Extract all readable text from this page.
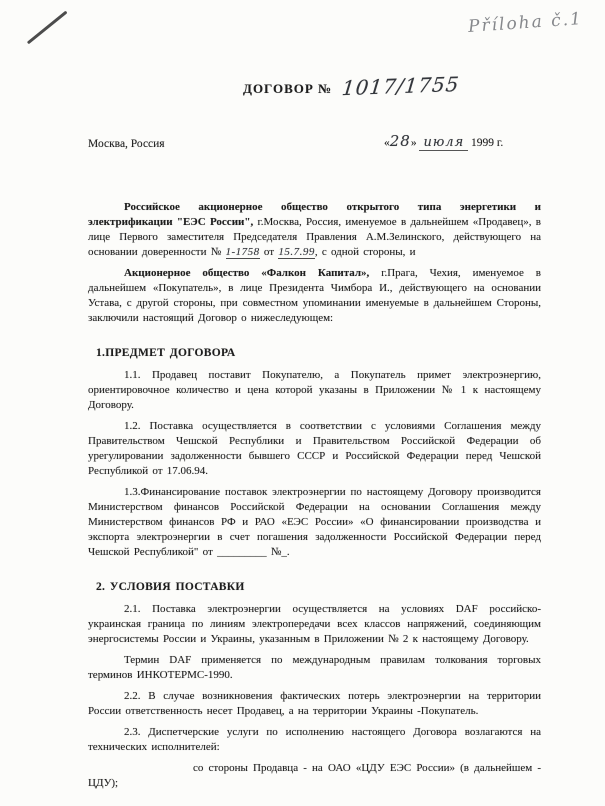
Příloha č.1
ДОГОВОР № 1017/1755
Москва, Россия	«28» июля 1999 г.

Российское акционерное общество открытого типа энергетики и электрификации "ЕЭС России", г.Москва, Россия, именуемое в дальнейшем «Продавец», в лице Первого заместителя Председателя Правления А.М.Зелинского, действующего на основании доверенности № 1-1758 от 15.7.99, с одной стороны, и

Акционерное общество «Фалкон Капитал», г.Прага, Чехия, именуемое в дальнейшем «Покупатель», в лице Президента Чимбора И., действующего на основании Устава, с другой стороны, при совместном упоминании именуемые в дальнейшем Стороны, заключили настоящий Договор о нижеследующем:

1.ПРЕДМЕТ ДОГОВОРА

1.1. Продавец поставит Покупателю, а Покупатель примет электроэнергию, ориентировочное количество и цена которой указаны в Приложении № 1 к настоящему Договору.

1.2. Поставка осуществляется в соответствии с условиями Соглашения между Правительством Чешской Республики и Правительством Российской Федерации об урегулировании задолженности бывшего СССР и Российской Федерации перед Чешской Республикой от 17.06.94.

1.3.Финансирование поставок электроэнергии по настоящему Договору производится Министерством финансов Российской Федерации на основании Соглашения между Министерством финансов РФ и РАО «ЕЭС России» «О финансировании производства и экспорта электроэнергии в счет погашения задолженности Российской Федерации перед Чешской Республикой" от _________ №_.

2. УСЛОВИЯ ПОСТАВКИ

2.1. Поставка электроэнергии осуществляется на условиях DAF российско-украинская граница по линиям электропередачи всех классов напряжений, соединяющим энергосистемы России и Украины, указанным в Приложении № 2 к настоящему Договору.

Термин DAF применяется по международным правилам толкования торговых терминов ИНКОТЕРМС-1990.

2.2. В случае возникновения фактических потерь электроэнергии на территории России ответственность несет Продавец, а на территории Украины -Покупатель.

2.3. Диспетчерские услуги по исполнению настоящего Договора возлагаются на технических исполнителей:

со стороны Продавца - на ОАО «ЦДУ ЕЭС России» (в дальнейшем - ЦДУ);
